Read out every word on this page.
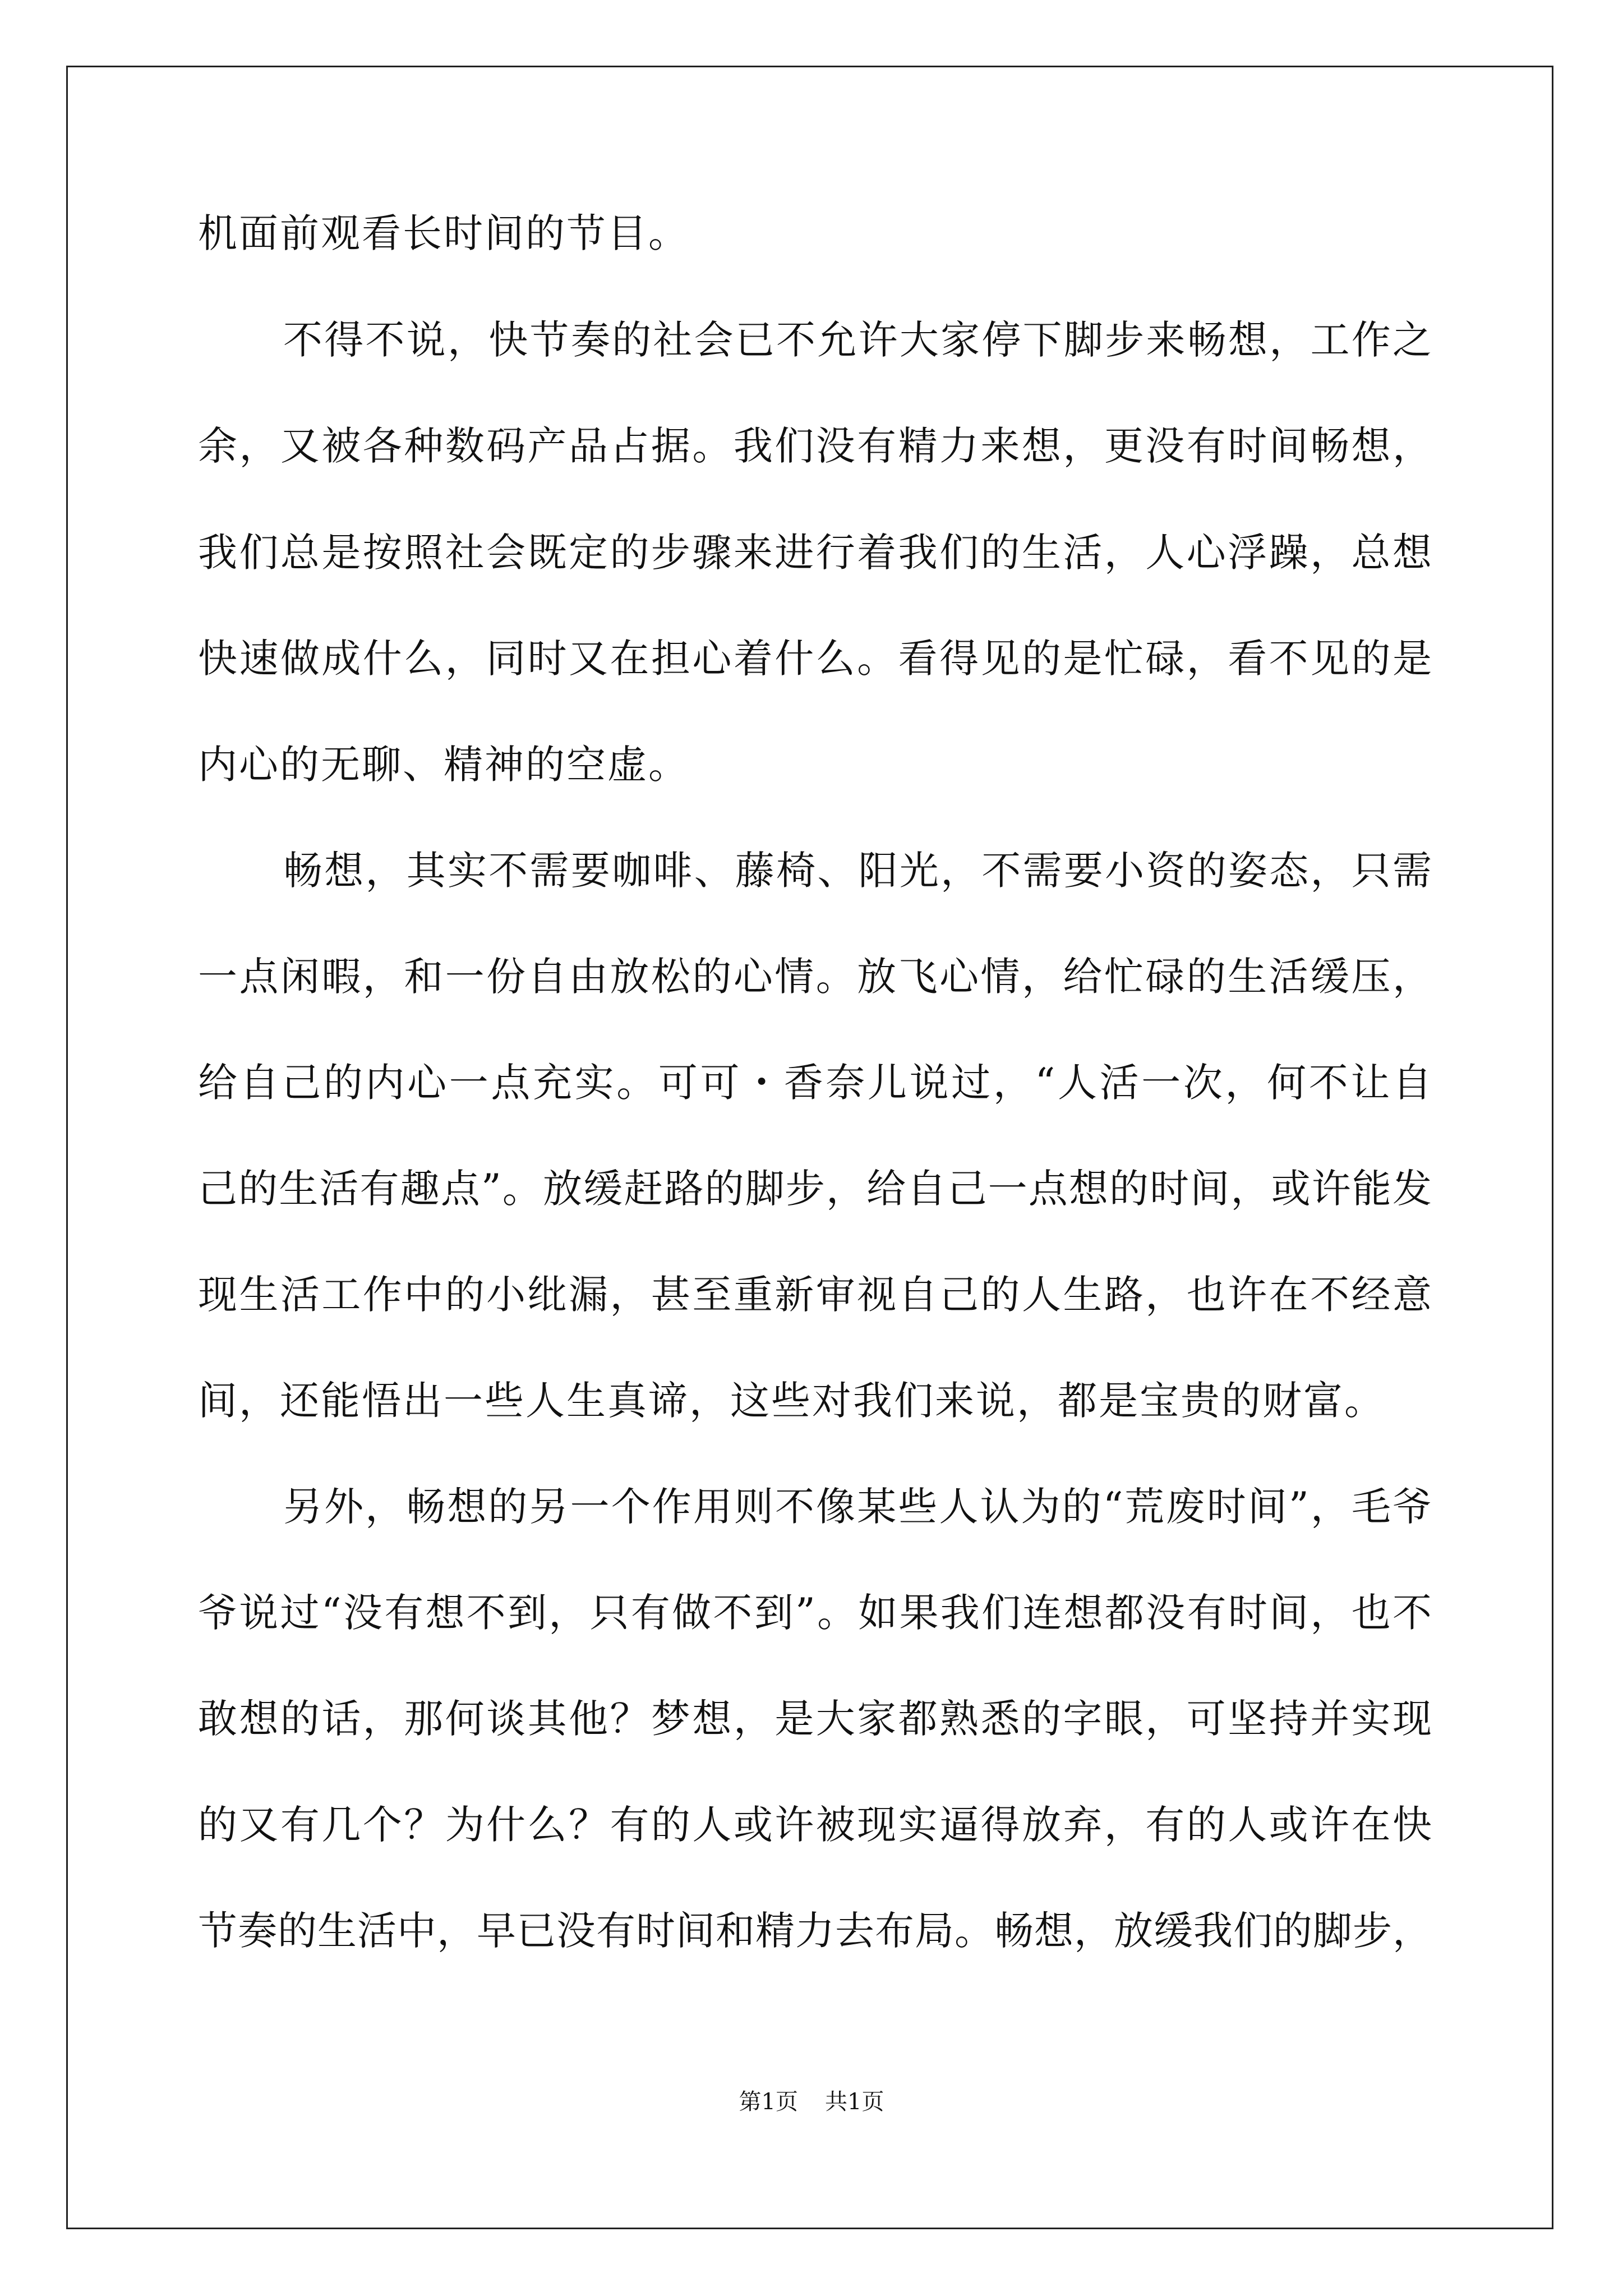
机面前观看长时间的节目。
不得不说，快节奏的社会已不允许大家停下脚步来畅想，工作之
余，又被各种数码产品占据。我们没有精力来想，更没有时间畅想，
我们总是按照社会既定的步骤来进行着我们的生活，人心浮躁，总想
快速做成什么，同时又在担心着什么。看得见的是忙碌，看不见的是
内心的无聊、精神的空虚。
畅想，其实不需要咖啡、藤椅、阳光，不需要小资的姿态，只需
一点闲暇，和一份自由放松的心情。放飞心情，给忙碌的生活缓压，
给自己的内心一点充实。可可・香奈儿说过，“人活一次，何不让自
己的生活有趣点”。放缓赶路的脚步，给自己一点想的时间，或许能发
现生活工作中的小纰漏，甚至重新审视自己的人生路，也许在不经意
间，还能悟出一些人生真谛，这些对我们来说，都是宝贵的财富。
另外，畅想的另一个作用则不像某些人认为的“荒废时间”，毛爷
爷说过“没有想不到，只有做不到”。如果我们连想都没有时间，也不
敢想的话，那何谈其他？梦想，是大家都熟悉的字眼，可坚持并实现
的又有几个？为什么？有的人或许被现实逼得放弃，有的人或许在快
节奏的生活中，早已没有时间和精力去布局。畅想，放缓我们的脚步，
第1页 共1页
